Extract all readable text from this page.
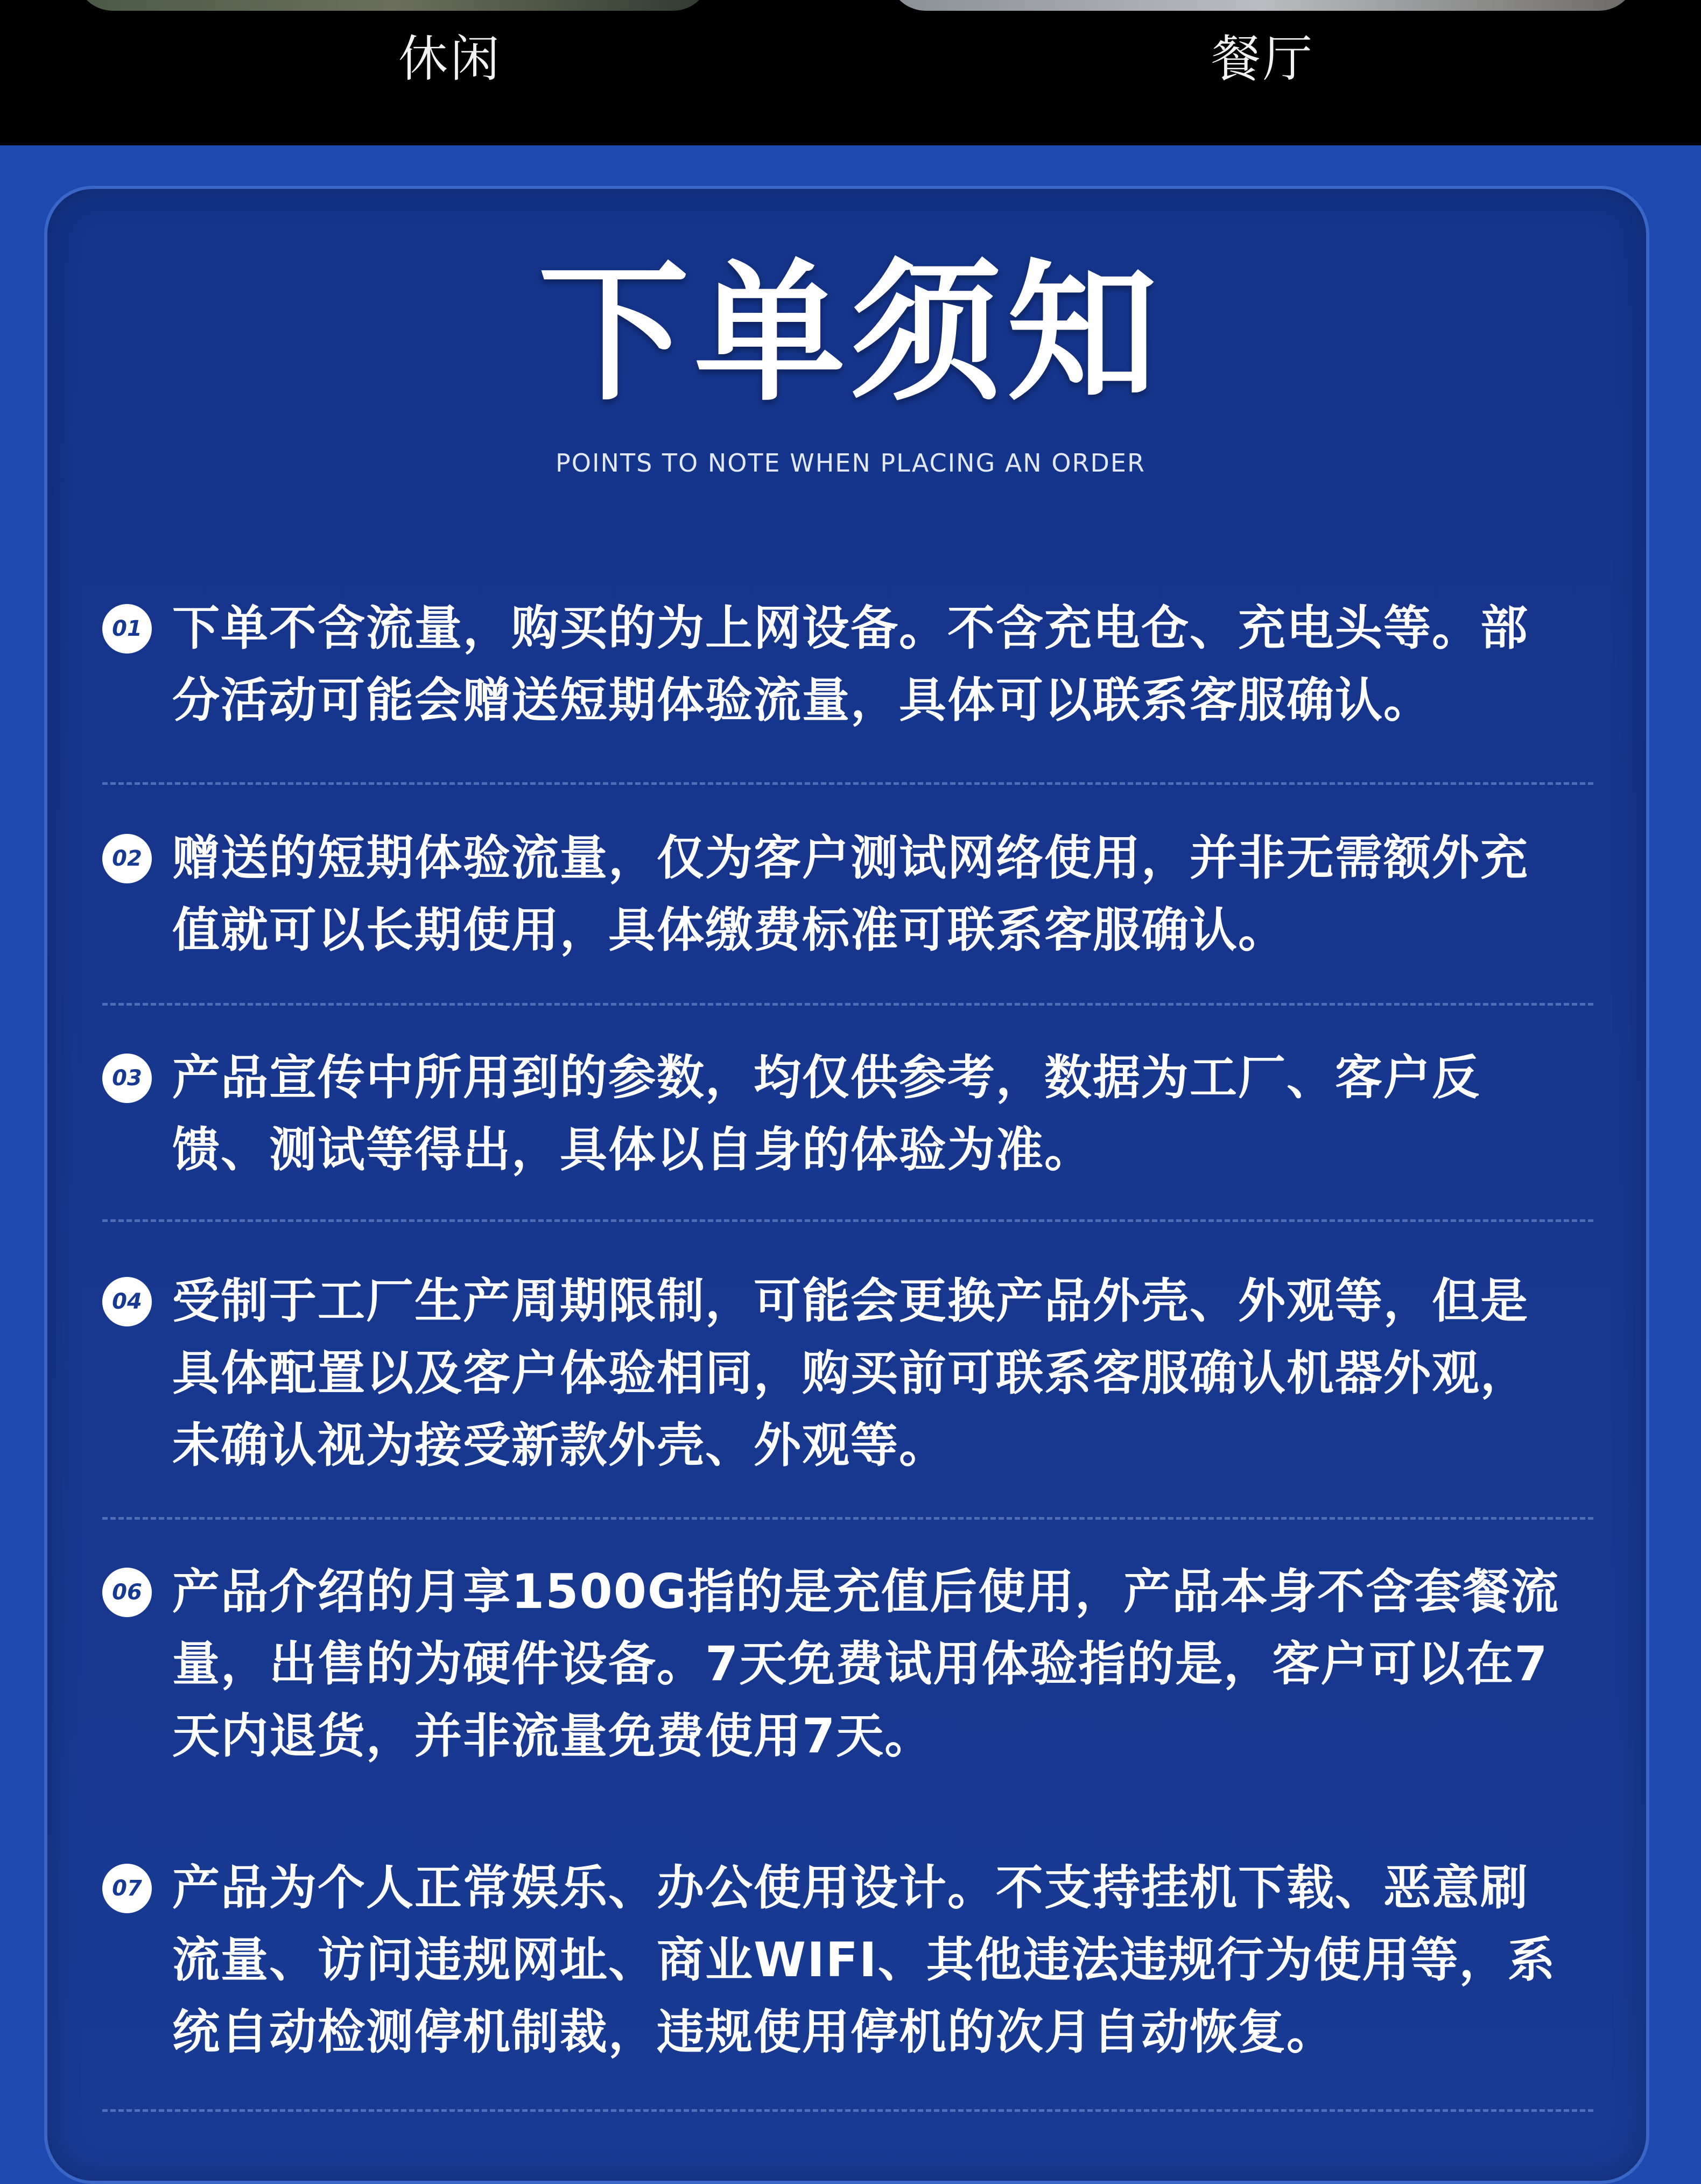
休闲	餐厅
下单须知
POINTS TO NOTE WHEN PLACING AN ORDER
01 下单不含流量，购买的为上网设备。不含充电仓、充电头等。部分活动可能会赠送短期体验流量，具体可以联系客服确认。
02 赠送的短期体验流量，仅为客户测试网络使用，并非无需额外充值就可以长期使用，具体缴费标准可联系客服确认。
03 产品宣传中所用到的参数，均仅供参考，数据为工厂、客户反馈、测试等得出，具体以自身的体验为准。
04 受制于工厂生产周期限制，可能会更换产品外壳、外观等，但是具体配置以及客户体验相同，购买前可联系客服确认机器外观，未确认视为接受新款外壳、外观等。
06 产品介绍的月享1500G指的是充值后使用，产品本身不含套餐流量，出售的为硬件设备。7天免费试用体验指的是，客户可以在7天内退货，并非流量免费使用7天。
07 产品为个人正常娱乐、办公使用设计。不支持挂机下载、恶意刷流量、访问违规网址、商业WIFI、其他违法违规行为使用等，系统自动检测停机制裁，违规使用停机的次月自动恢复。
